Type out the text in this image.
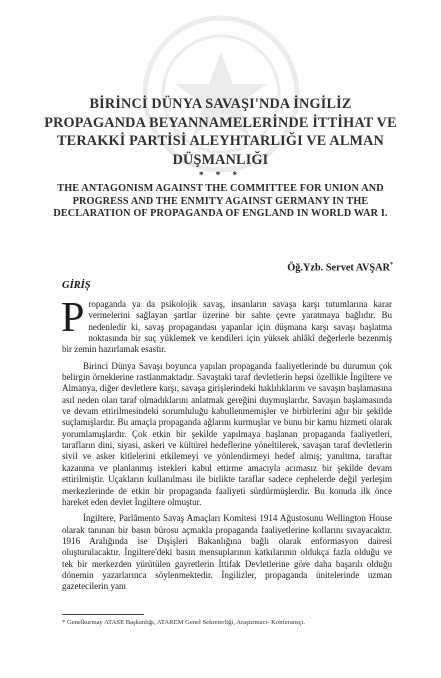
BİRİNCİ DÜNYA SAVAŞI'NDA İNGİLİZ PROPAGANDA BEYANNAMELERİNDE İTTİHAT VE TERAKKİ PARTİSİ ALEYHTARLIĞI VE ALMAN DÜŞMANLIĞI
* * *
THE ANTAGONISM AGAINST THE COMMITTEE FOR UNION AND PROGRESS AND THE ENMITY AGAINST GERMANY IN THE DECLARATION OF PROPAGANDA OF ENGLAND IN WORLD WAR I.
Öğ.Yzb. Servet AVŞAR*
GİRİŞ

Propaganda ya da psikolojik savaş, insanların savaşa karşı tutumlarına karar vermelerini sağlayan şartlar üzerine bir sahte çevre yaratmaya bağlıdır. Bu nedenledir ki, savaş propagandası yapanlar için düşmana karşı savaşı başlatma noktasında bir suç yüklemek ve kendileri için yüksek ahlâkî değerlerle bezenmiş bir zemin hazırlamak esastır.

Birinci Dünya Savaşı boyunca yapılan propaganda faaliyetlerinde bu durumun çok belirgin örneklerine rastlanmaktadır. Savaştaki taraf devletlerin hepsi özellikle İngiltere ve Almanya, diğer devletlere karşı, savaşa girişlerindeki haklılıklarını ve savaşın başlamasına asıl neden olan taraf olmadıklarını anlatmak gereğini duymuşlardır. Savaşın başlamasında ve devam ettirilmesindeki sorumluluğu kabullenmemişler ve birbirlerini ağır bir şekilde suçlamışlardır. Bu amaçla propaganda ağlarını kurmuşlar ve bunu bir kamu hizmeti olarak yorumlamışlardır. Çok etkin bir şekilde yapılmaya başlanan propaganda faaliyetleri, tarafların dini, siyasi, askeri ve kültürel hedeflerine yöneltilerek, savaşan taraf devletlerin sivil ve asker kitlelerini etkilemeyi ve yönlendirmeyi hedef almış; yanıltma, taraftar kazanma ve planlanmış istekleri kabul ettirme amacıyla acımasız bir şekilde devam ettirilmiştir. Uçakların kullanılması ile birlikte taraflar sadece cephelerde değil yerleşim merkezlerinde de etkin bir propaganda faaliyeti sürdürmüşlerdir. Bu konuda ilk önce hareket eden devlet İngiltere olmuştur.

İngiltere, Parlâmento Savaş Amaçları Komitesi 1914 Ağustosunu Wellington House olarak tanınan bir basın bürosu açmakla propaganda faaliyetlerine kollarını sıvayacaktır. 1916 Aralığında ise Dışişleri Bakanlığına bağlı olarak enformasyon dairesi oluşturulacaktır. İngiltere'deki basın mensuplarının katkılarının oldukça fazla olduğu ve tek bir merkezden yürütülen gayretlerin İttifak Devletlerine göre daha başarılı olduğu dönemin yazarlarınca söylenmektedir. İngilizler, propaganda ünitelerinde uzman gazetecilerin yanı

* Genelkurmay ATASE Başkanlığı, ATAREM Genel Sekreterliği, Araştırmacı- Konferansçı.
